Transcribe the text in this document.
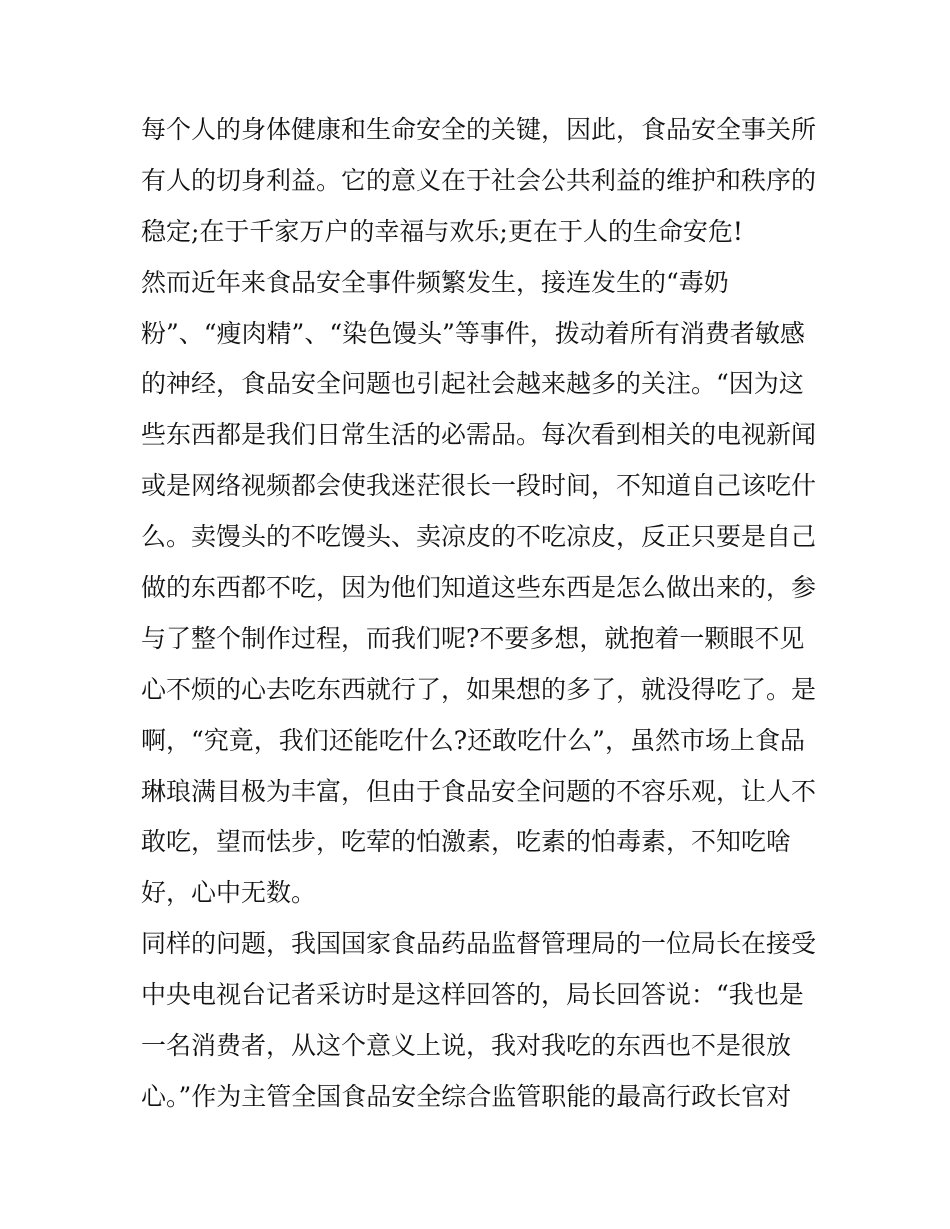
每个人的身体健康和生命安全的关键，因此，食品安全事关所
有人的切身利益。它的意义在于社会公共利益的维护和秩序的
稳定;在于千家万户的幸福与欢乐;更在于人的生命安危!
然而近年来食品安全事件频繁发生，接连发生的“毒奶
粉”、“瘦肉精”、“染色馒头”等事件，拨动着所有消费者敏感
的神经，食品安全问题也引起社会越来越多的关注。“因为这
些东西都是我们日常生活的必需品。每次看到相关的电视新闻
或是网络视频都会使我迷茫很长一段时间，不知道自己该吃什
么。卖馒头的不吃馒头、卖凉皮的不吃凉皮，反正只要是自己
做的东西都不吃，因为他们知道这些东西是怎么做出来的，参
与了整个制作过程，而我们呢?不要多想，就抱着一颗眼不见
心不烦的心去吃东西就行了，如果想的多了，就没得吃了。是
啊，“究竟，我们还能吃什么?还敢吃什么”，虽然市场上食品
琳琅满目极为丰富，但由于食品安全问题的不容乐观，让人不
敢吃，望而怯步，吃荤的怕激素，吃素的怕毒素，不知吃啥
好，心中无数。
同样的问题，我国国家食品药品监督管理局的一位局长在接受
中央电视台记者采访时是这样回答的，局长回答说：“我也是
一名消费者，从这个意义上说，我对我吃的东西也不是很放
心。”作为主管全国食品安全综合监管职能的最高行政长官对
